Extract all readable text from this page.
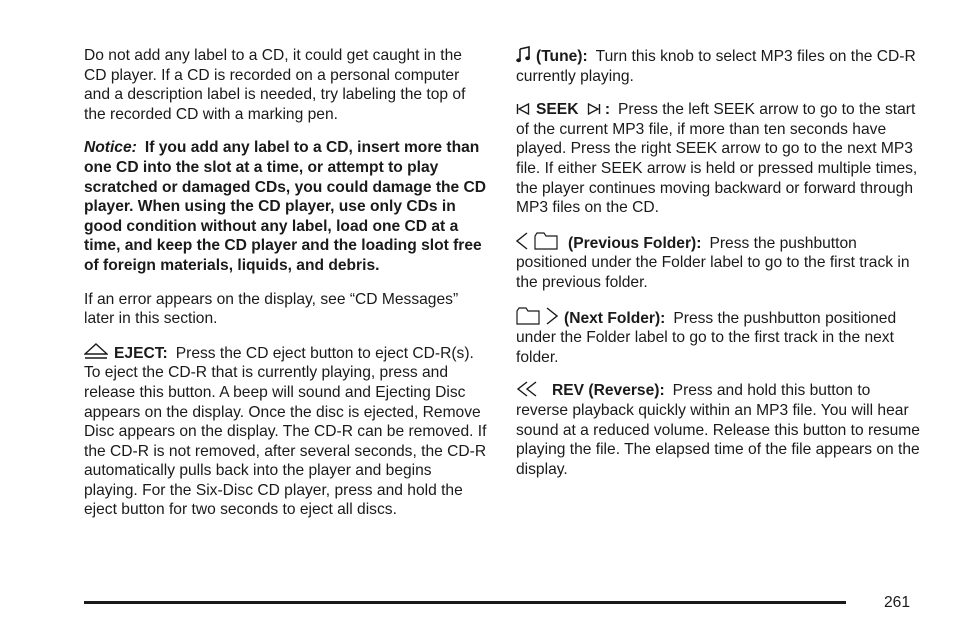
Do not add any label to a CD, it could get caught in the CD player. If a CD is recorded on a personal computer and a description label is needed, try labeling the top of the recorded CD with a marking pen.

Notice: If you add any label to a CD, insert more than one CD into the slot at a time, or attempt to play scratched or damaged CDs, you could damage the CD player. When using the CD player, use only CDs in good condition without any label, load one CD at a time, and keep the CD player and the loading slot free of foreign materials, liquids, and debris.

If an error appears on the display, see “CD Messages” later in this section.

EJECT: Press the CD eject button to eject CD-R(s). To eject the CD-R that is currently playing, press and release this button. A beep will sound and Ejecting Disc appears on the display. Once the disc is ejected, Remove Disc appears on the display. The CD-R can be removed. If the CD-R is not removed, after several seconds, the CD-R automatically pulls back into the player and begins playing. For the Six-Disc CD player, press and hold the eject button for two seconds to eject all discs.

(Tune): Turn this knob to select MP3 files on the CD-R currently playing.

SEEK : Press the left SEEK arrow to go to the start of the current MP3 file, if more than ten seconds have played. Press the right SEEK arrow to go to the next MP3 file. If either SEEK arrow is held or pressed multiple times, the player continues moving backward or forward through MP3 files on the CD.

(Previous Folder): Press the pushbutton positioned under the Folder label to go to the first track in the previous folder.

(Next Folder): Press the pushbutton positioned under the Folder label to go to the first track in the next folder.

REV (Reverse): Press and hold this button to reverse playback quickly within an MP3 file. You will hear sound at a reduced volume. Release this button to resume playing the file. The elapsed time of the file appears on the display.

261
